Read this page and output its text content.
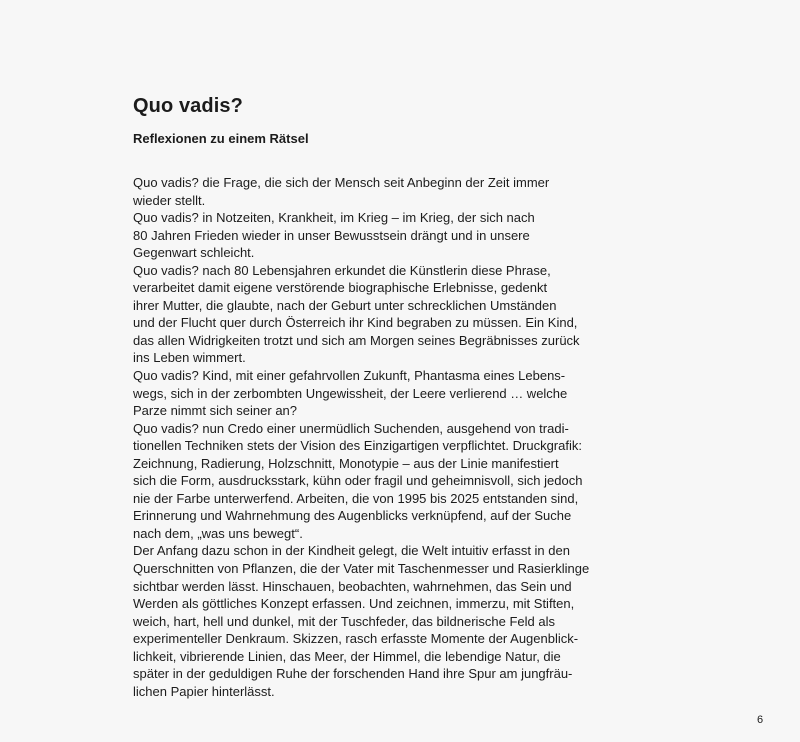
Quo vadis?
Reflexionen zu einem Rätsel
Quo vadis? die Frage, die sich der Mensch seit Anbeginn der Zeit immer
wieder stellt.
Quo vadis? in Notzeiten, Krankheit, im Krieg – im Krieg, der sich nach
80 Jahren Frieden wieder in unser Bewusstsein drängt und in unsere
Gegenwart schleicht.
Quo vadis? nach 80 Lebensjahren erkundet die Künstlerin diese Phrase,
verarbeitet damit eigene verstörende biographische Erlebnisse, gedenkt
ihrer Mutter, die glaubte, nach der Geburt unter schrecklichen Umständen
und der Flucht quer durch Österreich ihr Kind begraben zu müssen. Ein Kind,
das allen Widrigkeiten trotzt und sich am Morgen seines Begräbnisses zurück
ins Leben wimmert.
Quo vadis? Kind, mit einer gefahrvollen Zukunft, Phantasma eines Lebens-
wegs, sich in der zerbombten Ungewissheit, der Leere verlierend … welche
Parze nimmt sich seiner an?
Quo vadis? nun Credo einer unermüdlich Suchenden, ausgehend von tradi-
tionellen Techniken stets der Vision des Einzigartigen verpflichtet. Druckgrafik:
Zeichnung, Radierung, Holzschnitt, Monotypie – aus der Linie manifestiert
sich die Form, ausdrucksstark, kühn oder fragil und geheimnisvoll, sich jedoch
nie der Farbe unterwerfend. Arbeiten, die von 1995 bis 2025 entstanden sind,
Erinnerung und Wahrnehmung des Augenblicks verknüpfend, auf der Suche
nach dem, „was uns bewegt“.
Der Anfang dazu schon in der Kindheit gelegt, die Welt intuitiv erfasst in den
Querschnitten von Pflanzen, die der Vater mit Taschenmesser und Rasierklinge
sichtbar werden lässt. Hinschauen, beobachten, wahrnehmen, das Sein und
Werden als göttliches Konzept erfassen. Und zeichnen, immerzu, mit Stiften,
weich, hart, hell und dunkel, mit der Tuschfeder, das bildnerische Feld als
experimenteller Denkraum. Skizzen, rasch erfasste Momente der Augenblick-
lichkeit, vibrierende Linien, das Meer, der Himmel, die lebendige Natur, die
später in der geduldigen Ruhe der forschenden Hand ihre Spur am jungfräu-
lichen Papier hinterlässt.
6
